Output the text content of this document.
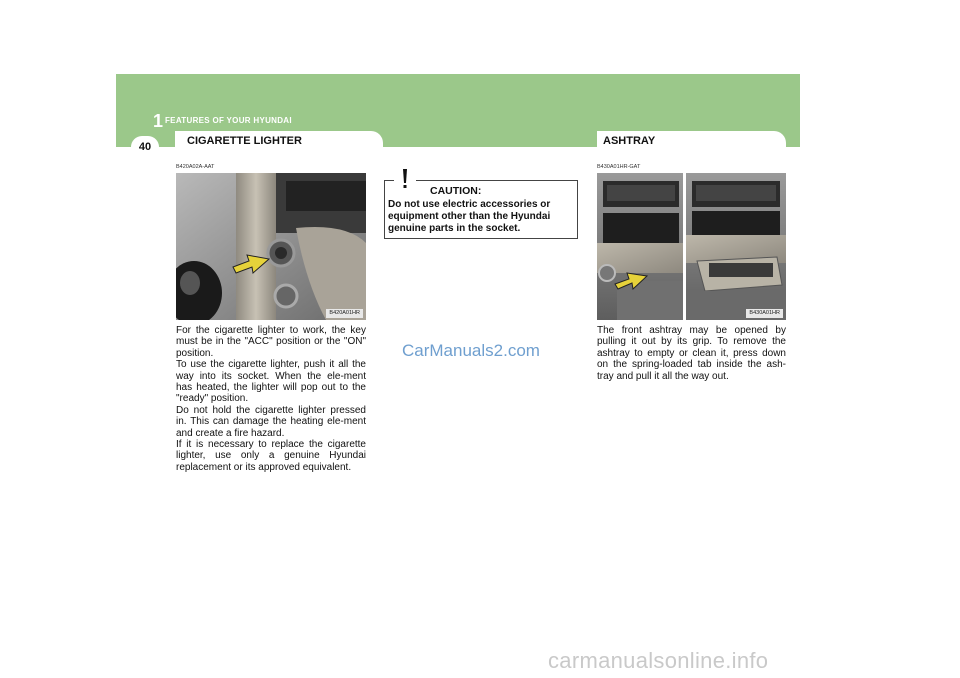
1 FEATURES OF YOUR HYUNDAI
40	CIGARETTE LIGHTER	ASHTRAY
B420A02A-AAT
B420A01HR

For the cigarette lighter to work, the key must be in the "ACC" position or the "ON" position.

To use the cigarette lighter, push it all the way into its socket. When the ele-ment has heated, the lighter will pop out to the "ready" position.

Do not hold the cigarette lighter pressed in. This can damage the heating ele-ment and create a fire hazard.

If it is necessary to replace the cigarette lighter, use only a genuine Hyundai replacement or its approved equivalent.

CAUTION:
Do not use electric accessories or equipment other than the Hyundai genuine parts in the socket.
B430A01HR-GAT
B430A01HR
The front ashtray may be opened by pulling it out by its grip. To remove the ashtray to empty or clean it, press down on the spring-loaded tab inside the ash-tray and pull it all the way out.
CarManuals2.com
carmanualsonline.info
